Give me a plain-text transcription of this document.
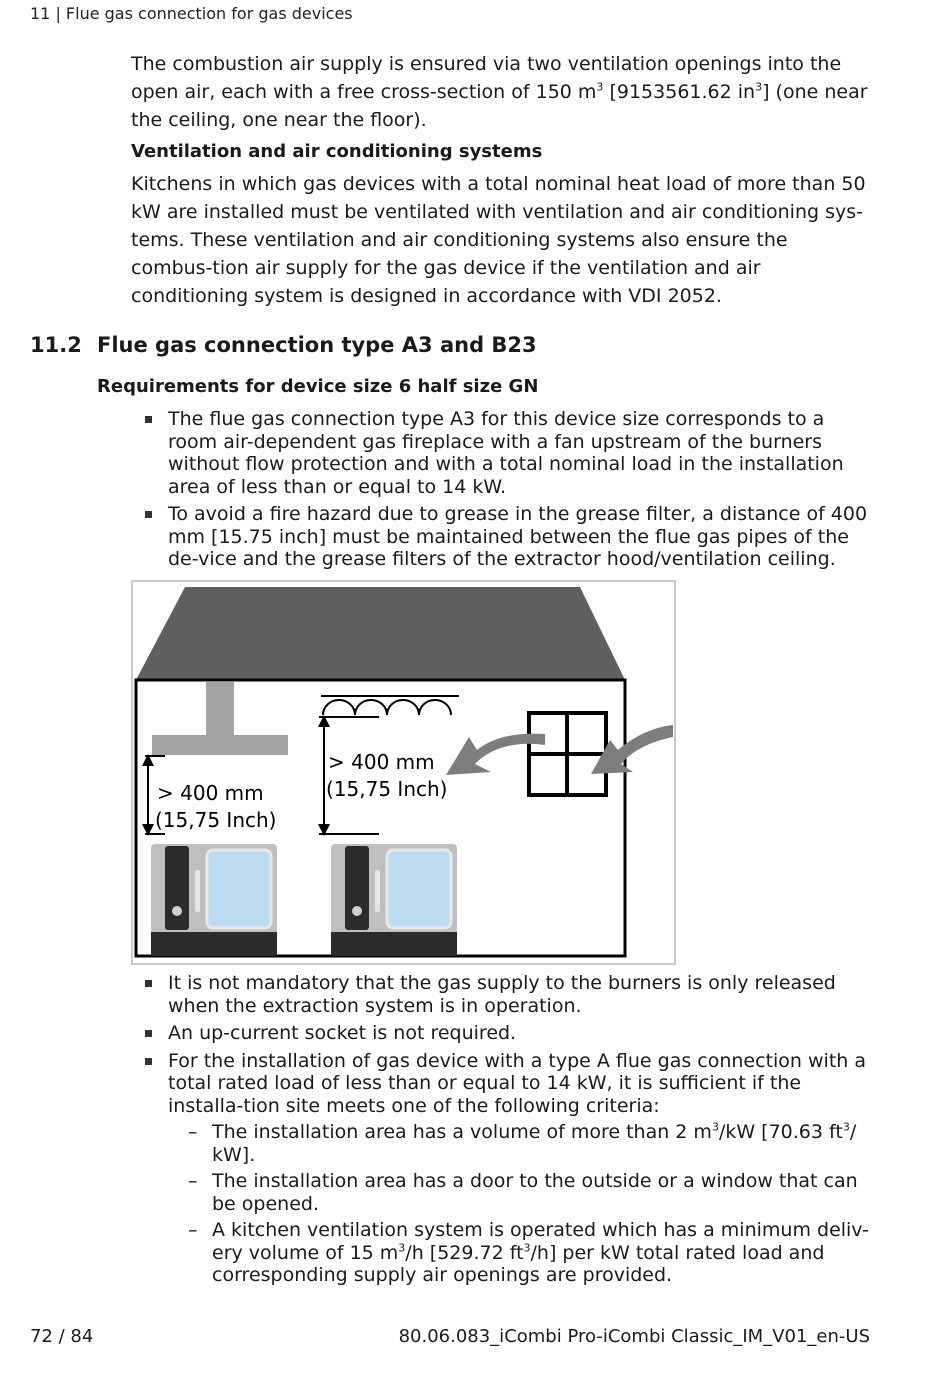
11 | Flue gas connection for gas devices

The combustion air supply is ensured via two ventilation openings into the open air, each with a free cross-section of 150 $m^3$ [9153561.62 $in^3$] (one near the ceiling, one near the floor).

Ventilation and air conditioning systems

Kitchens in which gas devices with a total nominal heat load of more than 50 kW are installed must be ventilated with ventilation and air conditioning sys-tems. These ventilation and air conditioning systems also ensure the combus-tion air supply for the gas device if the ventilation and air conditioning system is designed in accordance with VDI 2052.

11.2 Flue gas connection type A3 and B23
Requirements for device size 6 half size GN
The flue gas connection type A3 for this device size corresponds to a room air-dependent gas fireplace with a fan upstream of the burners without flow protection and with a total nominal load in the installation area of less than or equal to 14 kW.
To avoid a fire hazard due to grease in the grease filter, a distance of 400 mm [15.75 inch] must be maintained between the flue gas pipes of the de-vice and the grease filters of the extractor hood/ventilation ceiling.
> 400 mm
(15,75 Inch)
> 400 mm
(15,75 Inch)
It is not mandatory that the gas supply to the burners is only released when the extraction system is in operation.
An up-current socket is not required.
For the installation of gas device with a type A flue gas connection with a total rated load of less than or equal to 14 kW, it is sufficient if the installa-tion site meets one of the following criteria:
– The installation area has a volume of more than 2 $m^3/kW$ [70.63 $ft^3/$ kW].
– The installation area has a door to the outside or a window that can be opened.
– A kitchen ventilation system is operated which has a minimum deliv-ery volume of 15 $m^3/h$ [529.72 $ft^3/h$] per kW total rated load and corresponding supply air openings are provided.
72 / 84	80.06.083_iCombi Pro-iCombi Classic_IM_V01_en-US
